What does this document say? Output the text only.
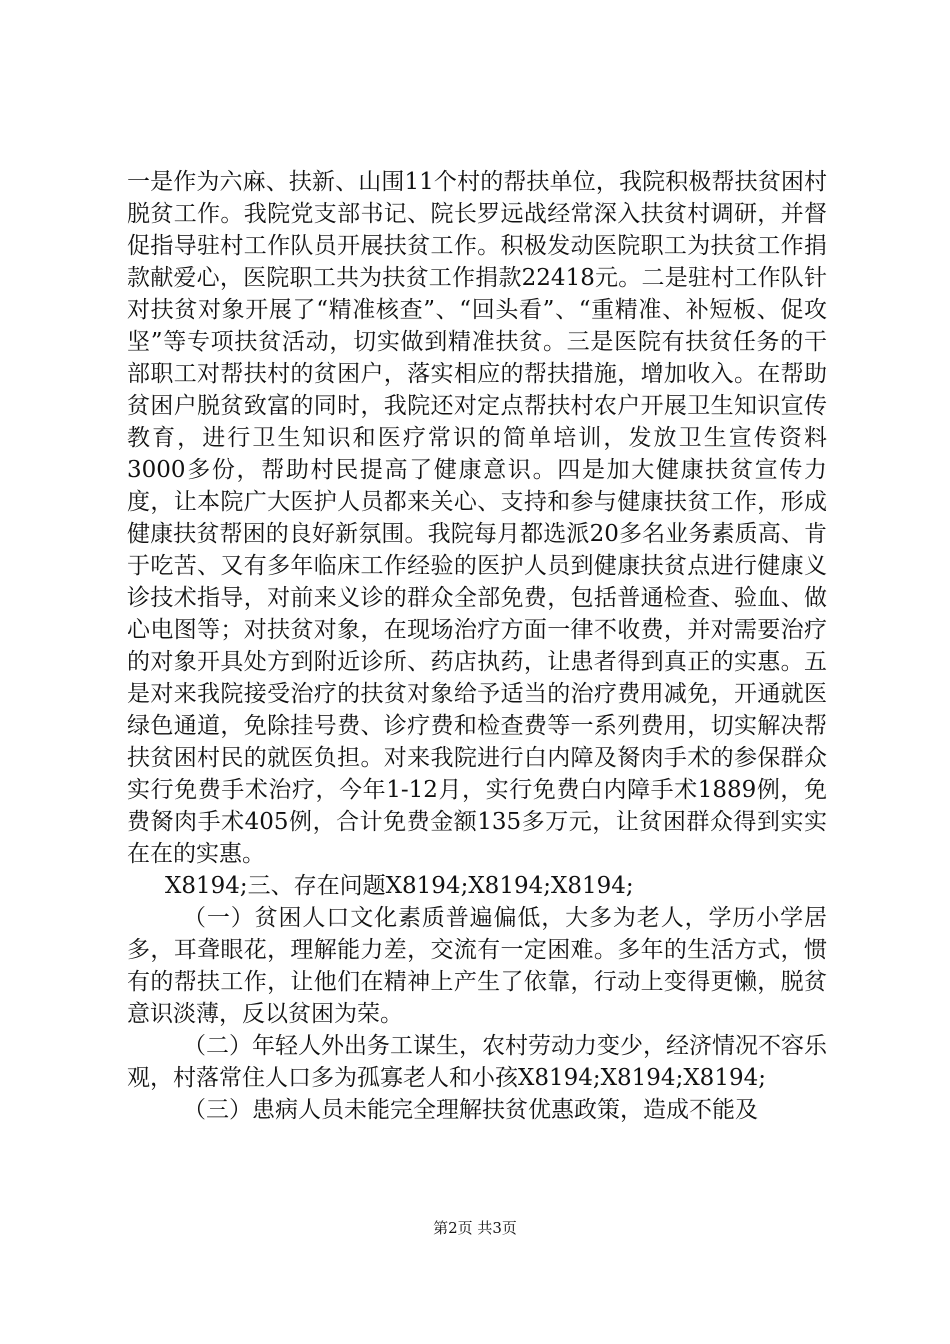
一是作为六麻、扶新、山围11个村的帮扶单位，我院积极帮扶贫困村脱贫工作。我院党支部书记、院长罗远战经常深入扶贫村调研，并督促指导驻村工作队员开展扶贫工作。积极发动医院职工为扶贫工作捐款献爱心，医院职工共为扶贫工作捐款22418元。二是驻村工作队针对扶贫对象开展了“精准核查”、“回头看”、“重精准、补短板、促攻坚”等专项扶贫活动，切实做到精准扶贫。三是医院有扶贫任务的干部职工对帮扶村的贫困户，落实相应的帮扶措施，增加收入。在帮助贫困户脱贫致富的同时，我院还对定点帮扶村农户开展卫生知识宣传教育，进行卫生知识和医疗常识的简单培训，发放卫生宣传资料3000多份，帮助村民提高了健康意识。四是加大健康扶贫宣传力度，让本院广大医护人员都来关心、支持和参与健康扶贫工作，形成健康扶贫帮困的良好新氛围。我院每月都选派20多名业务素质高、肯于吃苦、又有多年临床工作经验的医护人员到健康扶贫点进行健康义诊技术指导，对前来义诊的群众全部免费，包括普通检查、验血、做心电图等；对扶贫对象，在现场治疗方面一律不收费，并对需要治疗的对象开具处方到附近诊所、药店执药，让患者得到真正的实惠。五是对来我院接受治疗的扶贫对象给予适当的治疗费用减免，开通就医绿色通道，免除挂号费、诊疗费和检查费等一系列费用，切实解决帮扶贫困村民的就医负担。对来我院进行白内障及胬肉手术的参保群众实行免费手术治疗，今年1-12月，实行免费白内障手术1889例，免费胬肉手术405例，合计免费金额135多万元，让贫困群众得到实实在在的实惠。

X8194;三、存在问题X8194;X8194;X8194;

（一）贫困人口文化素质普遍偏低，大多为老人，学历小学居多，耳聋眼花，理解能力差，交流有一定困难。多年的生活方式，惯有的帮扶工作，让他们在精神上产生了依靠，行动上变得更懒，脱贫意识淡薄，反以贫困为荣。

（二）年轻人外出务工谋生，农村劳动力变少，经济情况不容乐观，村落常住人口多为孤寡老人和小孩X8194;X8194;X8194;

（三）患病人员未能完全理解扶贫优惠政策，造成不能及

第2页 共3页
